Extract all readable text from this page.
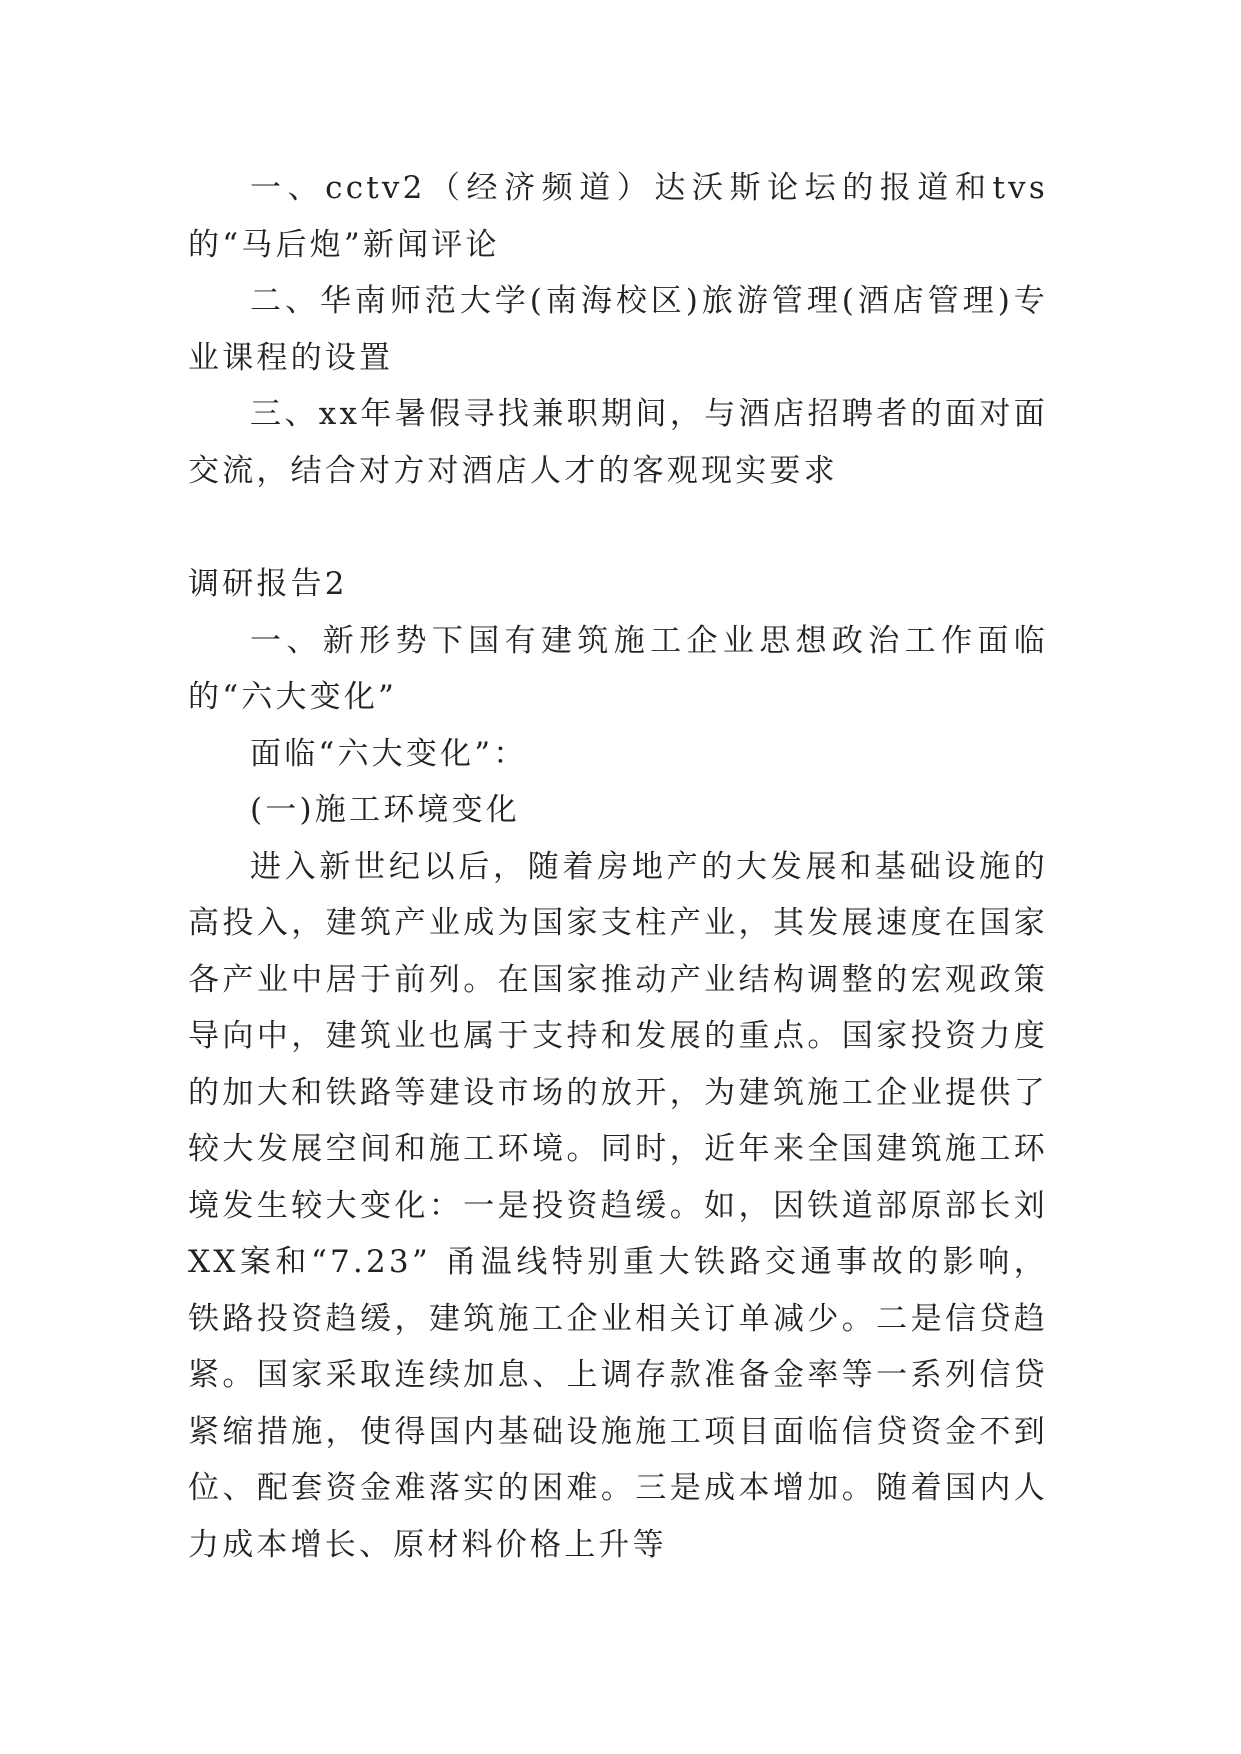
一、cctv2（经济频道）达沃斯论坛的报道和tvs的“马后炮”新闻评论

二、华南师范大学(南海校区)旅游管理(酒店管理)专业课程的设置

三、xx年暑假寻找兼职期间，与酒店招聘者的面对面交流，结合对方对酒店人才的客观现实要求

调研报告2

一、新形势下国有建筑施工企业思想政治工作面临的“六大变化”

面临“六大变化”：

(一)施工环境变化

进入新世纪以后，随着房地产的大发展和基础设施的高投入，建筑产业成为国家支柱产业，其发展速度在国家各产业中居于前列。在国家推动产业结构调整的宏观政策导向中，建筑业也属于支持和发展的重点。国家投资力度的加大和铁路等建设市场的放开，为建筑施工企业提供了较大发展空间和施工环境。同时，近年来全国建筑施工环境发生较大变化：一是投资趋缓。如，因铁道部原部长刘XX案和“7.23” 甬温线特别重大铁路交通事故的影响，铁路投资趋缓，建筑施工企业相关订单减少。二是信贷趋紧。国家采取连续加息、上调存款准备金率等一系列信贷紧缩措施，使得国内基础设施施工项目面临信贷资金不到位、配套资金难落实的困难。三是成本增加。随着国内人力成本增长、原材料价格上升等
